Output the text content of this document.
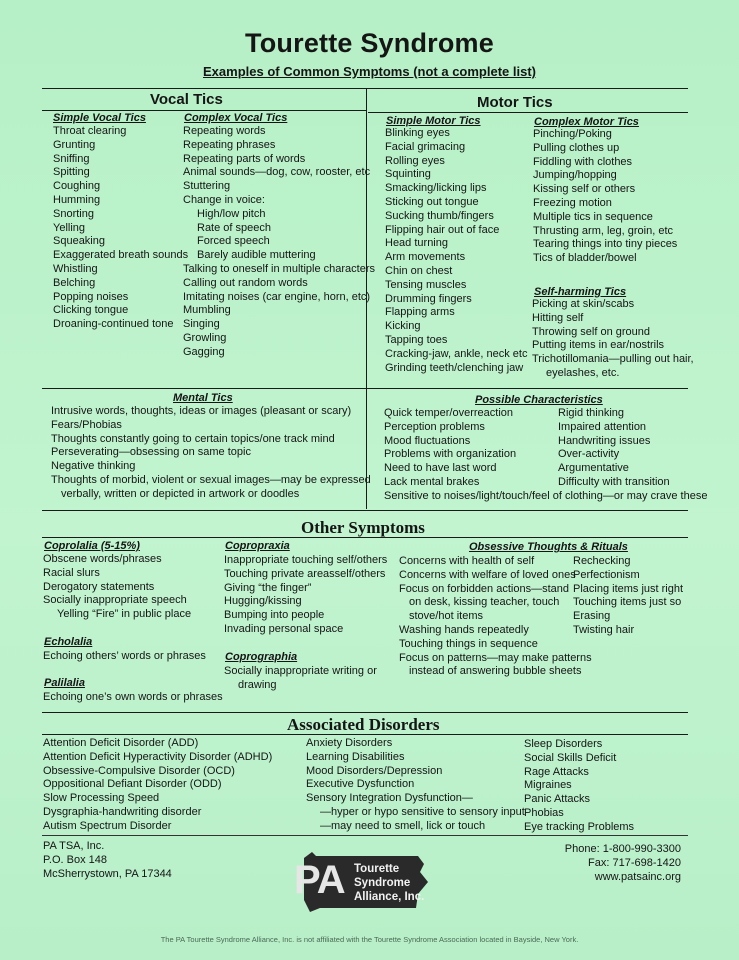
Tourette Syndrome
Examples of Common Symptoms (not a complete list)
Vocal Tics
Simple Vocal Tics
Throat clearing
Grunting
Sniffing
Spitting
Coughing
Humming
Snorting
Yelling
Squeaking
Exaggerated breath sounds
Whistling
Belching
Popping noises
Clicking tongue
Droaning-continued tone
Complex Vocal Tics
Repeating words
Repeating phrases
Repeating parts of words
Animal sounds—dog, cow, rooster, etc
Stuttering
Change in voice:
High/low pitch
Rate of speech
Forced speech
Barely audible muttering
Talking to oneself in multiple characters
Calling out random words
Imitating noises (car engine, horn, etc)
Mumbling
Singing
Growling
Gagging
Motor Tics
Simple Motor Tics
Blinking eyes
Facial grimacing
Rolling eyes
Squinting
Smacking/licking lips
Sticking out tongue
Sucking thumb/fingers
Flipping hair out of face
Head turning
Arm movements
Chin on chest
Tensing muscles
Drumming fingers
Flapping arms
Kicking
Tapping toes
Cracking-jaw, ankle, neck etc
Grinding teeth/clenching jaw
Complex Motor Tics
Pinching/Poking
Pulling clothes up
Fiddling with clothes
Jumping/hopping
Kissing self or others
Freezing motion
Multiple tics in sequence
Thrusting arm, leg, groin, etc
Tearing things into tiny pieces
Tics of bladder/bowel
Self-harming Tics
Picking at skin/scabs
Hitting self
Throwing self on ground
Putting items in ear/nostrils
Trichotillomania—pulling out hair,
eyelashes, etc.
Mental Tics
Intrusive words, thoughts, ideas or images (pleasant or scary)
Fears/Phobias
Thoughts constantly going to certain topics/one track mind
Perseverating—obsessing on same topic
Negative thinking
Thoughts of morbid, violent or sexual images—may be expressed
verbally, written or depicted in artwork or doodles
Possible Characteristics
Quick temper/overreaction
Perception problems
Mood fluctuations
Problems with organization
Need to have last word
Lack mental brakes
Rigid thinking
Impaired attention
Handwriting issues
Over-activity
Argumentative
Difficulty with transition
Sensitive to noises/light/touch/feel of clothing—or may crave these
Other Symptoms
Coprolalia (5-15%)
Obscene words/phrases
Racial slurs
Derogatory statements
Socially inappropriate speech
Yelling “Fire” in public place
Echolalia
Echoing others’ words or phrases
Palilalia
Echoing one’s own words or phrases
Copropraxia
Inappropriate touching self/others
Touching private areasself/others
Giving “the finger”
Hugging/kissing
Bumping into people
Invading personal space
Coprographia
Socially inappropriate writing or
drawing
Obsessive Thoughts & Rituals
Concerns with health of self
Concerns with welfare of loved ones
Focus on forbidden actions—stand
on desk, kissing teacher, touch
stove/hot items
Washing hands repeatedly
Touching things in sequence
Focus on patterns—may make patterns
instead of answering bubble sheets
Rechecking
Perfectionism
Placing items just right
Touching items just so
Erasing
Twisting hair
Associated Disorders
Attention Deficit Disorder (ADD)
Attention Deficit Hyperactivity Disorder (ADHD)
Obsessive-Compulsive Disorder (OCD)
Oppositional Defiant Disorder (ODD)
Slow Processing Speed
Dysgraphia-handwriting disorder
Autism Spectrum Disorder
Anxiety Disorders
Learning Disabilities
Mood Disorders/Depression
Executive Dysfunction
Sensory Integration Dysfunction—
—hyper or hypo sensitive to sensory input
—may need to smell, lick or touch
Sleep Disorders
Social Skills Deficit
Rage Attacks
Migraines
Panic Attacks
Phobias
Eye tracking Problems
PA TSA, Inc.
P.O. Box 148
McSherrystown, PA 17344
Phone: 1-800-990-3300
Fax: 717-698-1420
www.patsainc.org
PA Tourette
Syndrome
Alliance, Inc.
The PA Tourette Syndrome Alliance, Inc. is not affiliated with the Tourette Syndrome Association located in Bayside, New York.
